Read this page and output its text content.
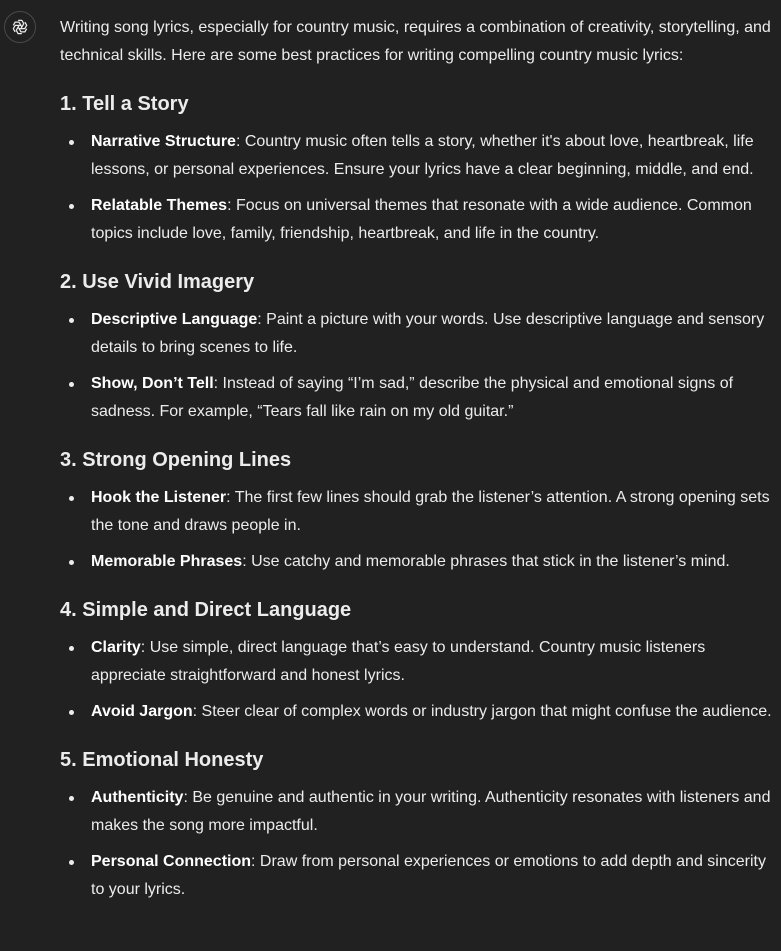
Writing song lyrics, especially for country music, requires a combination of creativity, storytelling, and technical skills. Here are some best practices for writing compelling country music lyrics:

1. Tell a Story
Narrative Structure: Country music often tells a story, whether it's about love, heartbreak, life lessons, or personal experiences. Ensure your lyrics have a clear beginning, middle, and end.
Relatable Themes: Focus on universal themes that resonate with a wide audience. Common topics include love, family, friendship, heartbreak, and life in the country.
2. Use Vivid Imagery
Descriptive Language: Paint a picture with your words. Use descriptive language and sensory details to bring scenes to life.
Show, Don’t Tell: Instead of saying “I’m sad,” describe the physical and emotional signs of sadness. For example, “Tears fall like rain on my old guitar.”
3. Strong Opening Lines
Hook the Listener: The first few lines should grab the listener’s attention. A strong opening sets the tone and draws people in.
Memorable Phrases: Use catchy and memorable phrases that stick in the listener’s mind.
4. Simple and Direct Language
Clarity: Use simple, direct language that’s easy to understand. Country music listeners appreciate straightforward and honest lyrics.
Avoid Jargon: Steer clear of complex words or industry jargon that might confuse the audience.
5. Emotional Honesty
Authenticity: Be genuine and authentic in your writing. Authenticity resonates with listeners and makes the song more impactful.
Personal Connection: Draw from personal experiences or emotions to add depth and sincerity to your lyrics.
